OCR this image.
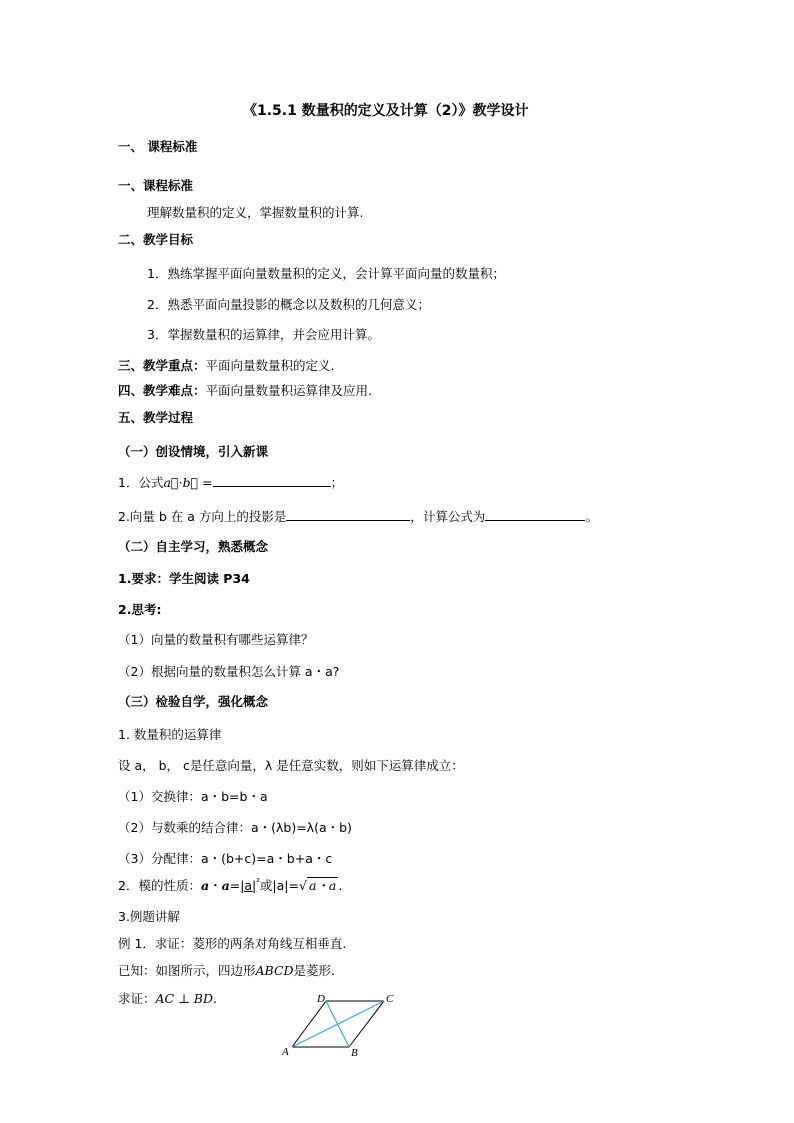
《1.5.1 数量积的定义及计算（2）》教学设计
一、 课程标准
一、课程标准
理解数量积的定义，掌握数量积的计算.
二、教学目标
1．熟练掌握平面向量数量积的定义，会计算平面向量的数量积；
2．熟悉平面向量投影的概念以及数积的几何意义；
3．掌握数量积的运算律，并会应用计算。
三、教学重点：平面向量数量积的定义.
四、教学难点：平面向量数量积运算律及应用.
五、教学过程
（一）创设情境，引入新课
1．公式a⃗⋅b⃗ =	；
2.向量 b 在 a 方向上的投影是	，计算公式为	。
（二）自主学习，熟悉概念
1.要求：学生阅读 P34
2.思考:
（1）向量的数量积有哪些运算律？
（2）根据向量的数量积怎么计算 a・a?
（三）检验自学，强化概念
1. 数量积的运算律
设 a， b， c是任意向量，λ 是任意实数，则如下运算律成立：
（1）交换律：a・b=b・a
（2）与数乘的结合律：a・(λb)=λ(a・b)
（3）分配律：a・(b+c)=a・b+a・c
2．模的性质：a・$a=|a|^{^2}$或|a|=√ a・a .
3.例题讲解
例 1．求证：菱形的两条对角线互相垂直.
已知：如图所示，四边形ABCD是菱形.
求证：AC ⊥ BD.
A	B
C
D
